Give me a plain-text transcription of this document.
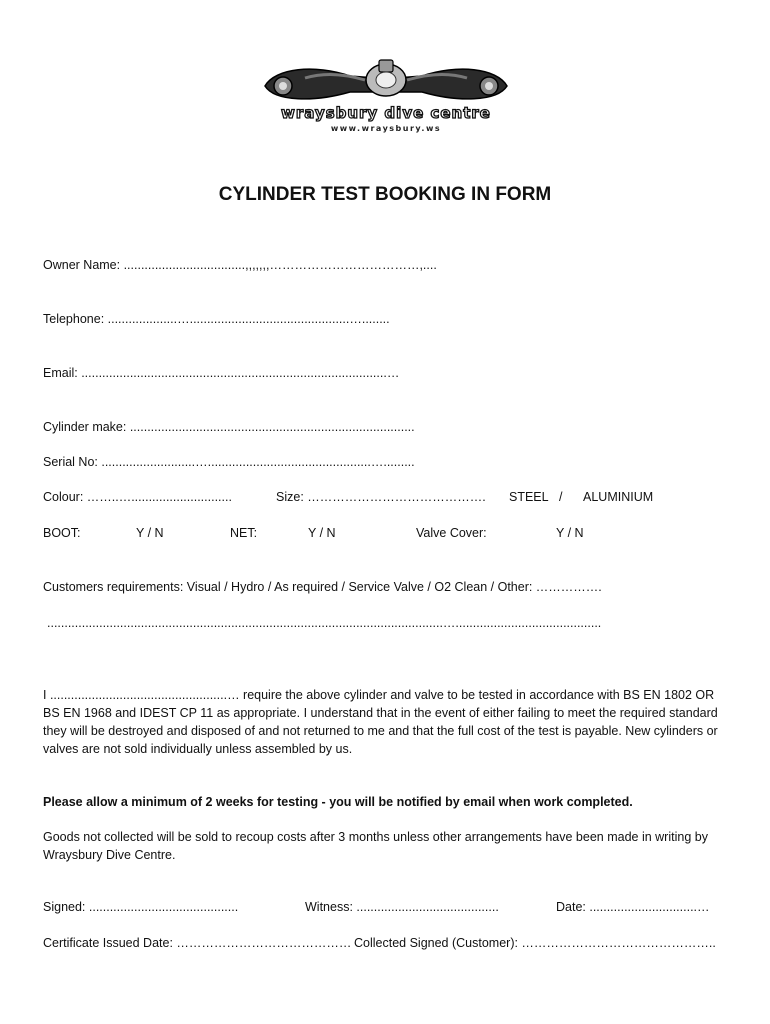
wraysbury dive centre
www.wraysbury.ws
CYLINDER TEST BOOKING IN FORM
Owner Name: ...................................,,,,,,,………………………………,....
Telephone: ....................…..............................................…........
Email: ........................................................................................…
Cylinder make: ..................................................................................
Serial No: ...........................…...............................................….........
Colour: ……..….............................	Size: ……………………………………. STEEL / ALUMINIUM
BOOT:	Y / N	NET:	Y / N	Valve Cover:	Y / N
Customers requirements: Visual / Hydro / As required / Service Valve / O2 Clean / Other: …………….
..................................................................................................................…..........................................
I ...................................................… require the above cylinder and valve to be tested in accordance with BS EN 1802 OR BS EN 1968 and IDEST CP 11 as appropriate. I understand that in the event of either failing to meet the required standard they will be destroyed and disposed of and not returned to me and that the full cost of the test is payable. New cylinders or valves are not sold individually unless assembled by us.
Please allow a minimum of 2 weeks for testing - you will be notified by email when work completed.
Goods not collected will be sold to recoup costs after 3 months unless other arrangements have been made in writing by Wraysbury Dive Centre.
Signed: ...........................................	Witness: .........................................	Date: ...............................…
Certificate Issued Date: …………………………………… Collected Signed (Customer): ………………………………………..
